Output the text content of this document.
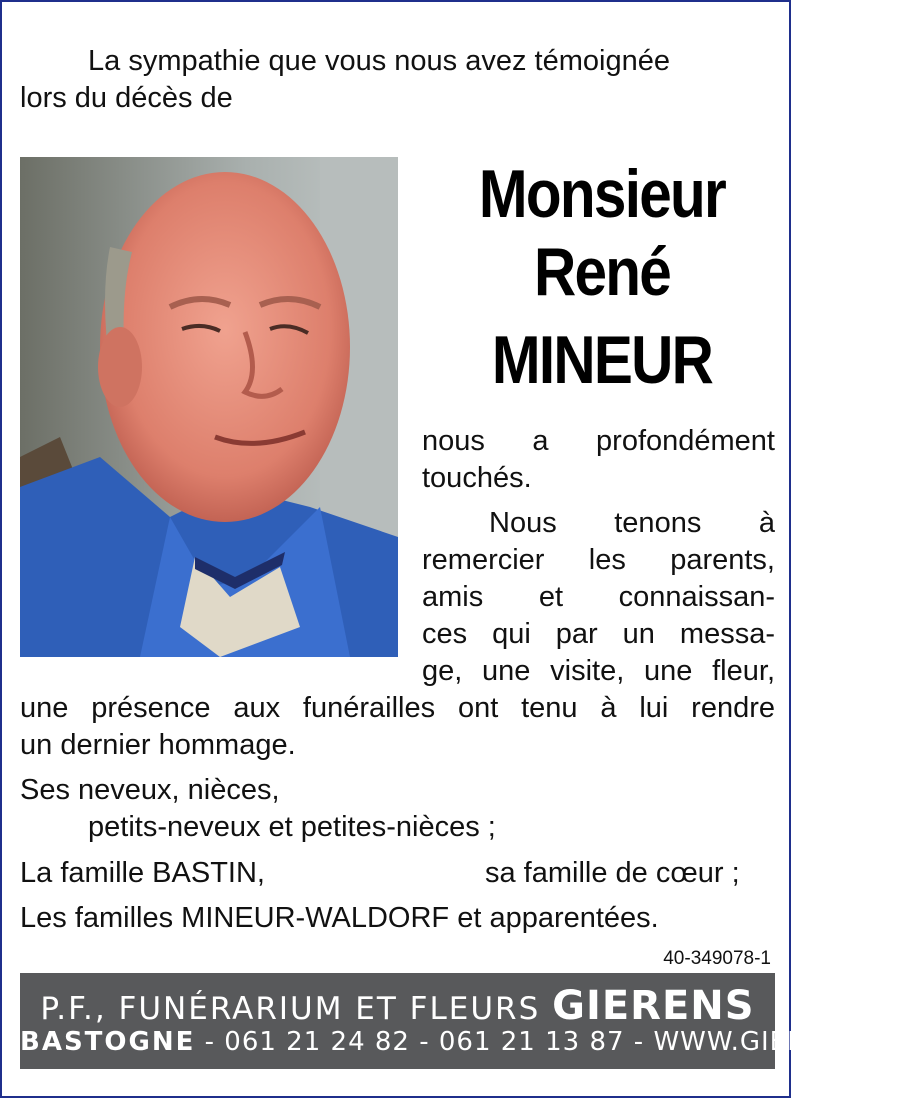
La sympathie que vous nous avez témoignée
lors du décès de
Monsieur
René
MINEUR
nous a profondément
touchés.
Nous tenons à
remercier les parents,
amis et connaissan-
ces qui par un messa-
ge, une visite, une fleur,
une présence aux funérailles ont tenu à lui rendre
un dernier hommage.
Ses neveux, nièces,
petits-neveux et petites-nièces ;
La famille BASTIN,	sa famille de cœur ;
Les familles MINEUR-WALDORF et apparentées.
40-349078-1
P.F., FUNÉRARIUM ET FLEURS GIERENS
BASTOGNE - 061 21 24 82 - 061 21 13 87 - WWW.GIERENS.BE
